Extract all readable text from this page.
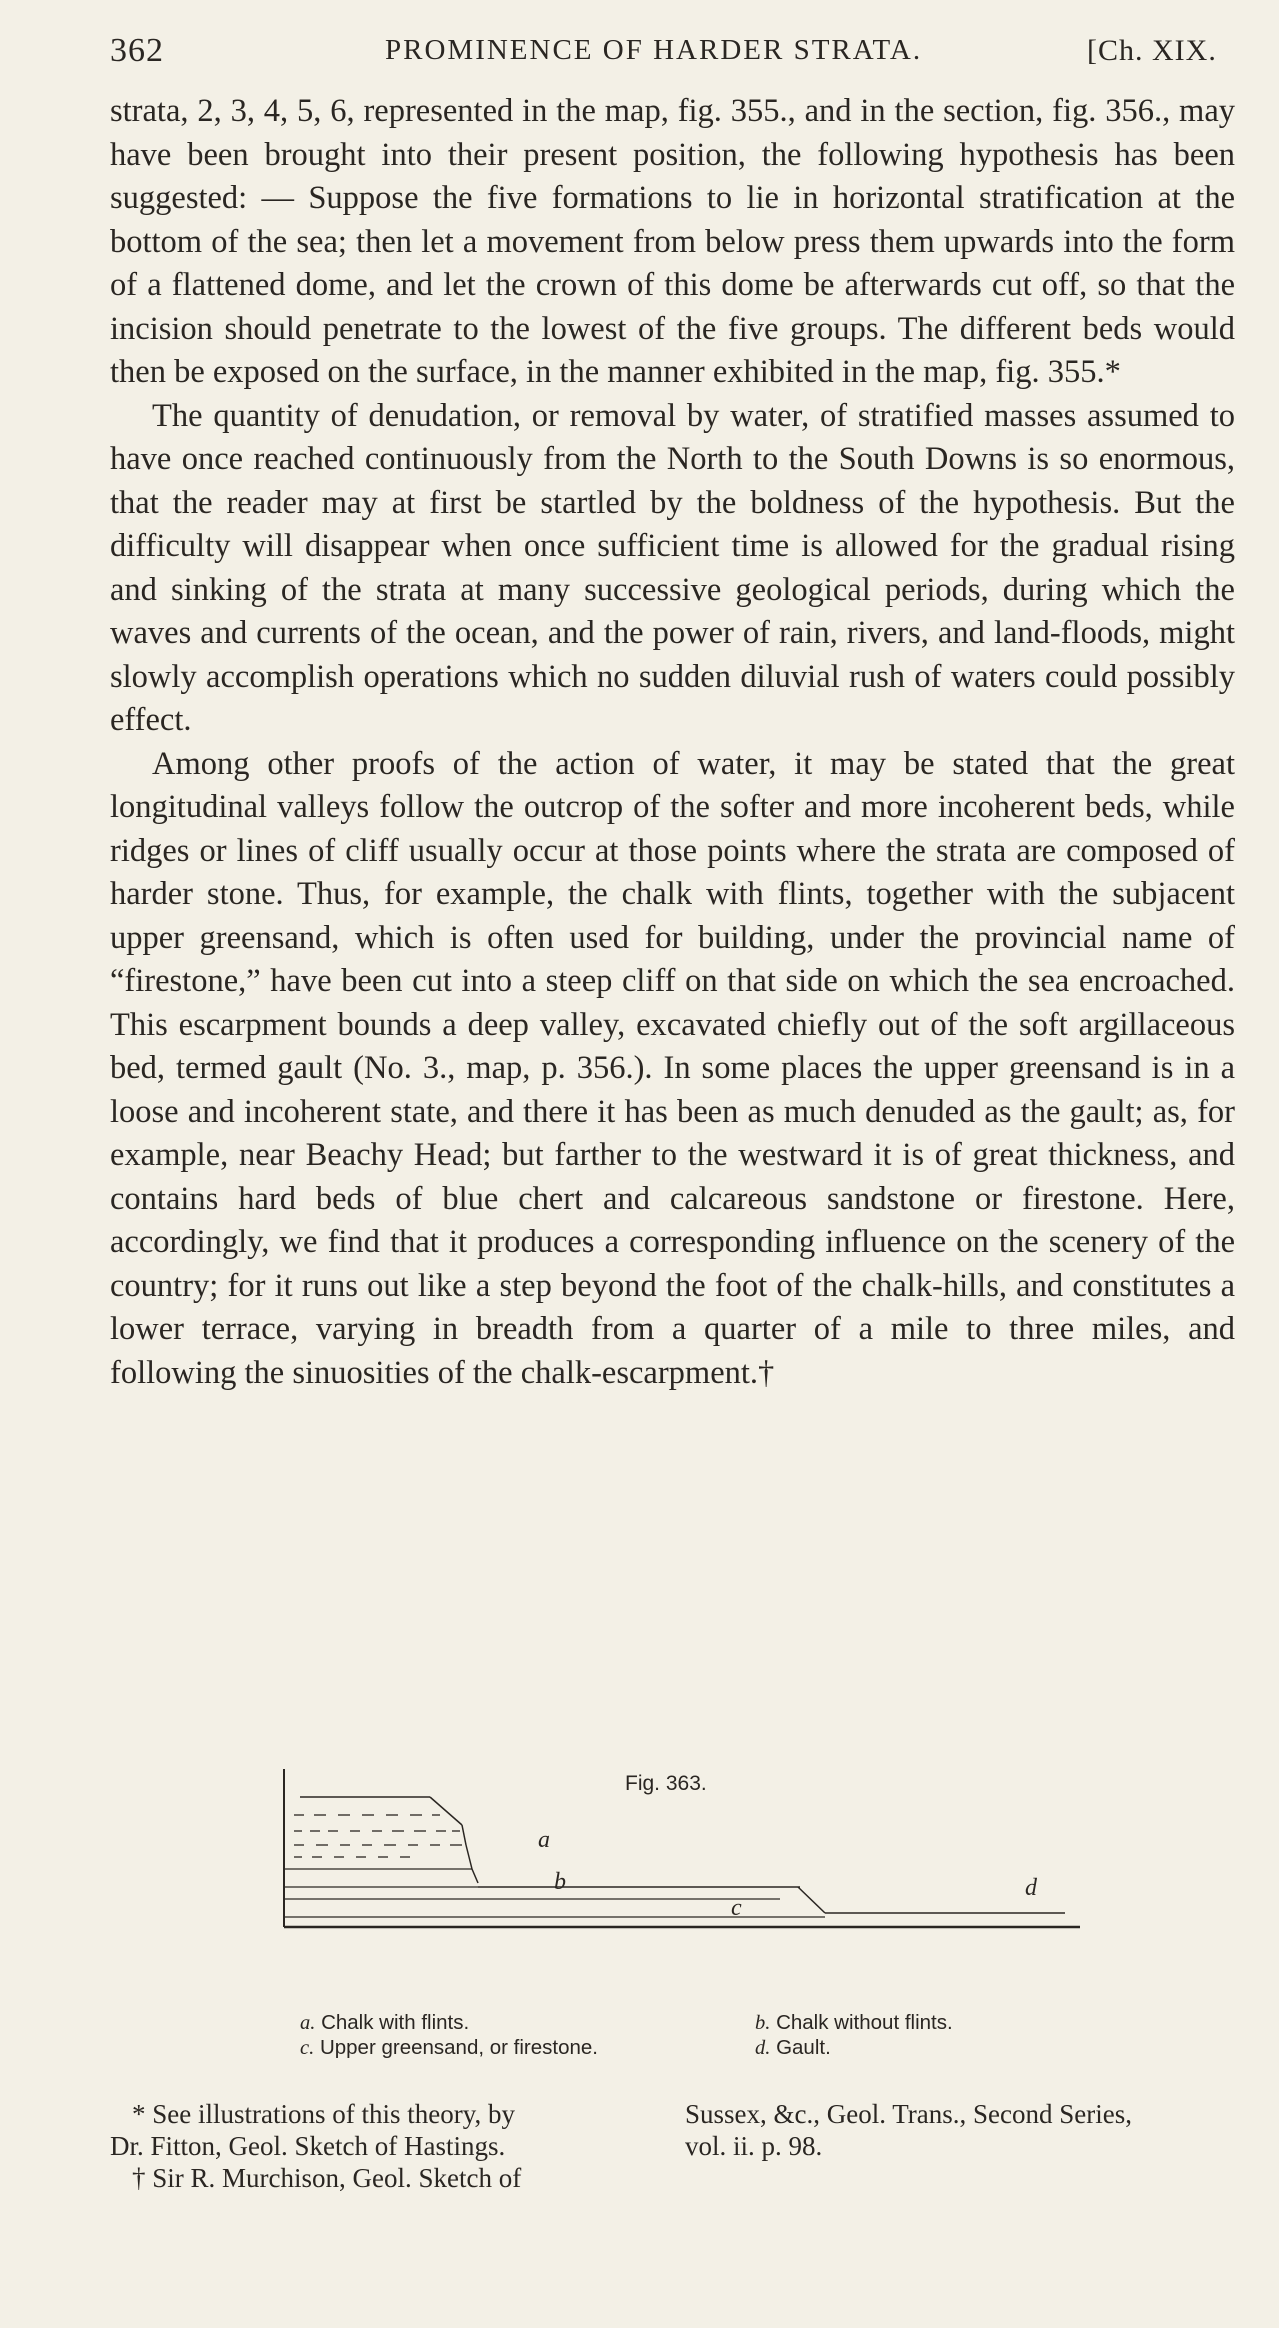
362	PROMINENCE OF HARDER STRATA.	[Ch. XIX.

strata, 2, 3, 4, 5, 6, represented in the map, fig. 355., and in the section, fig. 356., may have been brought into their present position, the following hypothesis has been suggested: — Suppose the five formations to lie in horizontal stratification at the bottom of the sea; then let a movement from below press them upwards into the form of a flattened dome, and let the crown of this dome be afterwards cut off, so that the incision should penetrate to the lowest of the five groups. The different beds would then be exposed on the surface, in the manner exhibited in the map, fig. 355.*

The quantity of denudation, or removal by water, of stratified masses assumed to have once reached continuously from the North to the South Downs is so enormous, that the reader may at first be startled by the boldness of the hypothesis. But the difficulty will disappear when once sufficient time is allowed for the gradual rising and sinking of the strata at many successive geological periods, during which the waves and currents of the ocean, and the power of rain, rivers, and land-floods, might slowly accomplish operations which no sudden diluvial rush of waters could possibly effect.

Among other proofs of the action of water, it may be stated that the great longitudinal valleys follow the outcrop of the softer and more incoherent beds, while ridges or lines of cliff usually occur at those points where the strata are composed of harder stone. Thus, for example, the chalk with flints, together with the subjacent upper greensand, which is often used for building, under the provincial name of “firestone,” have been cut into a steep cliff on that side on which the sea encroached. This escarpment bounds a deep valley, excavated chiefly out of the soft argillaceous bed, termed gault (No. 3., map, p. 356.). In some places the upper greensand is in a loose and incoherent state, and there it has been as much denuded as the gault; as, for example, near Beachy Head; but farther to the westward it is of great thickness, and contains hard beds of blue chert and calcareous sandstone or firestone. Here, accordingly, we find that it produces a corresponding influence on the scenery of the country; for it runs out like a step beyond the foot of the chalk-hills, and constitutes a lower terrace, varying in breadth from a quarter of a mile to three miles, and following the sinuosities of the chalk-escarpment.†

Fig. 363.
a
b
c
d
a. Chalk with flints.	b. Chalk without flints.
c. Upper greensand, or firestone.	d. Gault.
* See illustrations of this theory, by
Dr. Fitton, Geol. Sketch of Hastings.
† Sir R. Murchison, Geol. Sketch of
Sussex, &c., Geol. Trans., Second Series,
vol. ii. p. 98.
